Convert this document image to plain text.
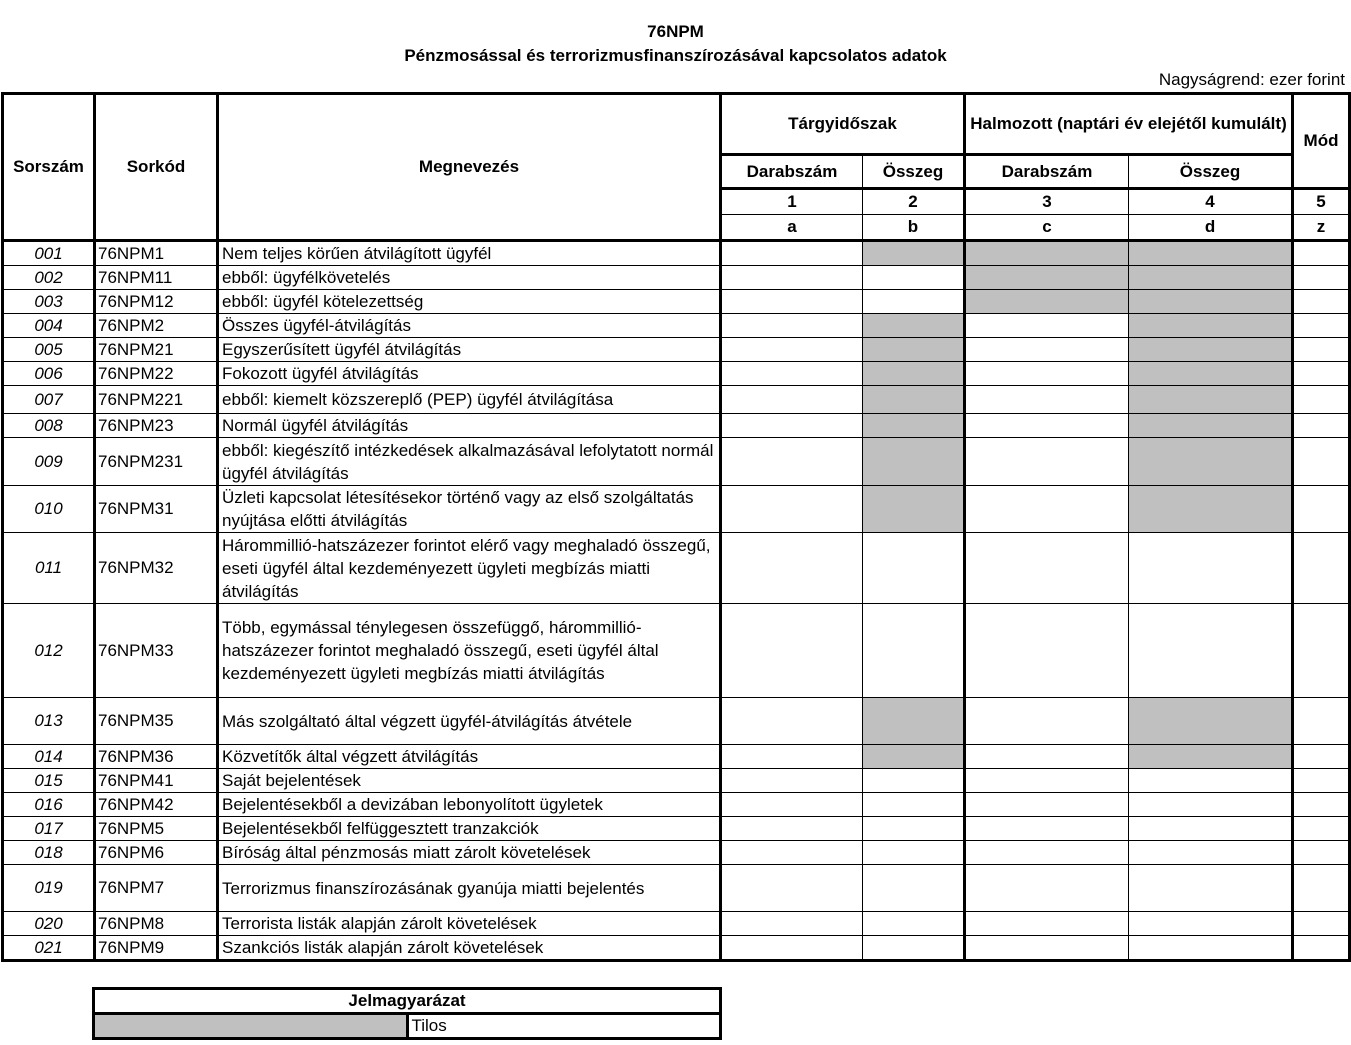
76NPM
Pénzmosással és terrorizmusfinanszírozásával kapcsolatos adatok
Nagyságrend: ezer forint
Sorszám	Sorkód	Megnevezés	Tárgyidőszak		Halmozott (naptári év elejétől kumulált)		Mód
			Darabszám	Összeg	Darabszám	Összeg	
			1	2	3	4	5
			a	b	c	d	z
001	76NPM1	Nem teljes körűen átvilágított ügyfél					
002	76NPM11	ebből: ügyfélkövetelés					
003	76NPM12	ebből: ügyfél kötelezettség					
004	76NPM2	Összes ügyfél-átvilágítás					
005	76NPM21	Egyszerűsített ügyfél átvilágítás					
006	76NPM22	Fokozott ügyfél átvilágítás					
007	76NPM221	ebből: kiemelt közszereplő (PEP) ügyfél átvilágítása					
008	76NPM23	Normál ügyfél átvilágítás					
009	76NPM231	ebből: kiegészítő intézkedések alkalmazásával lefolytatott normál ügyfél átvilágítás					
010	76NPM31	Üzleti kapcsolat létesítésekor történő vagy az első szolgáltatás nyújtása előtti átvilágítás					
011	76NPM32	Hárommillió-hatszázezer forintot elérő vagy meghaladó összegű, eseti ügyfél által kezdeményezett ügyleti megbízás miatti átvilágítás					
012	76NPM33	Több, egymással ténylegesen összefüggő, hárommillió-hatszázezer forintot meghaladó összegű, eseti ügyfél által kezdeményezett ügyleti megbízás miatti átvilágítás					
013	76NPM35	Más szolgáltató által végzett ügyfél-átvilágítás átvétele					
014	76NPM36	Közvetítők által végzett átvilágítás					
015	76NPM41	Saját bejelentések					
016	76NPM42	Bejelentésekből a devizában lebonyolított ügyletek					
017	76NPM5	Bejelentésekből felfüggesztett tranzakciók					
018	76NPM6	Bíróság által pénzmosás miatt zárolt követelések					
019	76NPM7	Terrorizmus finanszírozásának gyanúja miatti bejelentés					
020	76NPM8	Terrorista listák alapján zárolt követelések					
021	76NPM9	Szankciós listák alapján zárolt követelések					
Jelmagyarázat
	Tilos
